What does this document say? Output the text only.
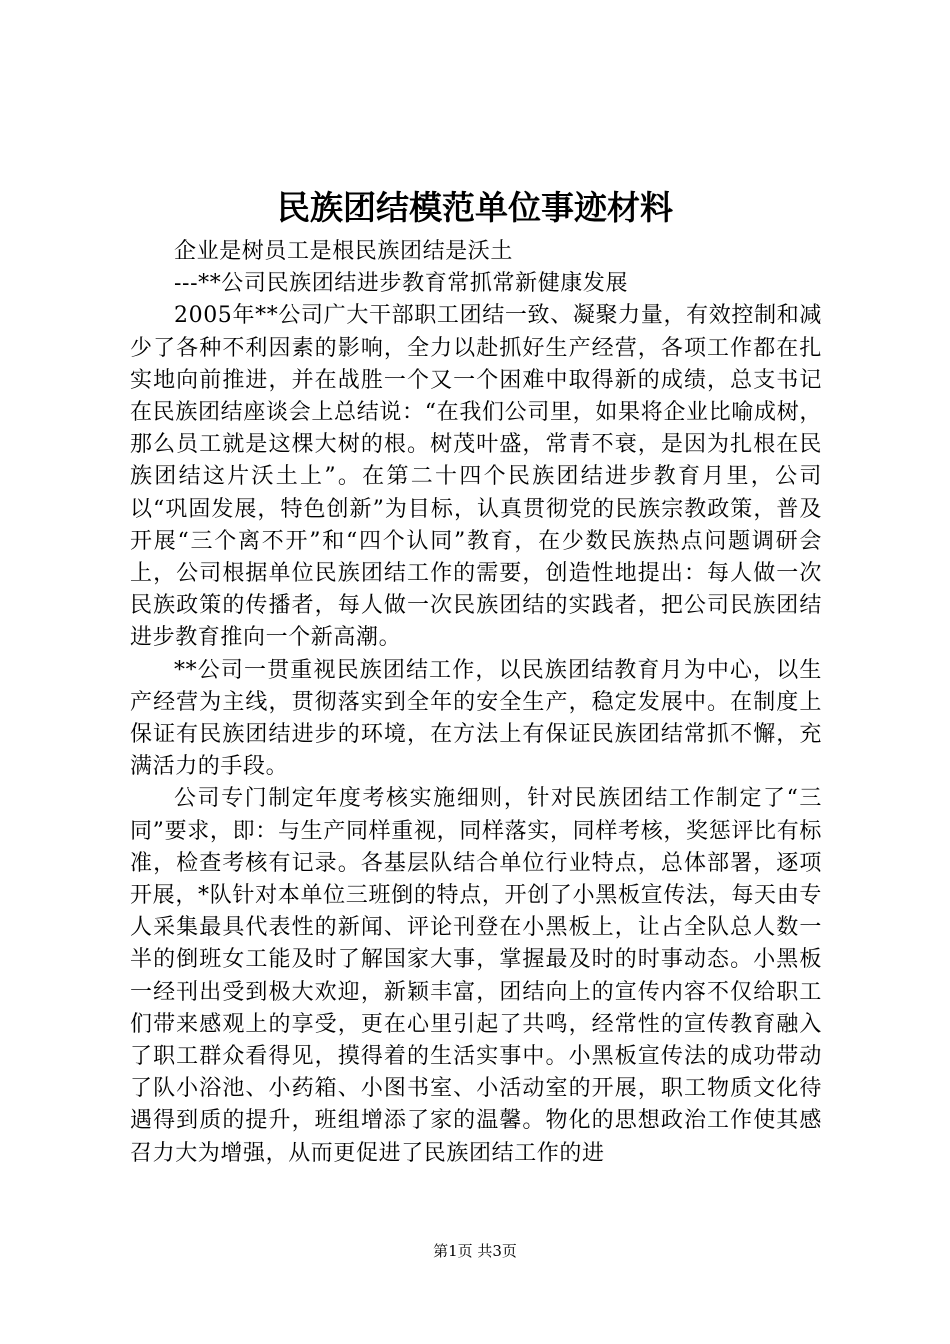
民族团结模范单位事迹材料

企业是树员工是根民族团结是沃土

---**公司民族团结进步教育常抓常新健康发展

2005年**公司广大干部职工团结一致、凝聚力量，有效控制和减少了各种不利因素的影响，全力以赴抓好生产经营，各项工作都在扎实地向前推进，并在战胜一个又一个困难中取得新的成绩，总支书记在民族团结座谈会上总结说：“在我们公司里，如果将企业比喻成树，那么员工就是这棵大树的根。树茂叶盛，常青不衰，是因为扎根在民族团结这片沃土上”。在第二十四个民族团结进步教育月里，公司以“巩固发展，特色创新”为目标，认真贯彻党的民族宗教政策，普及开展“三个离不开”和“四个认同”教育，在少数民族热点问题调研会上，公司根据单位民族团结工作的需要，创造性地提出：每人做一次民族政策的传播者，每人做一次民族团结的实践者，把公司民族团结进步教育推向一个新高潮。

**公司一贯重视民族团结工作，以民族团结教育月为中心，以生产经营为主线，贯彻落实到全年的安全生产，稳定发展中。在制度上保证有民族团结进步的环境，在方法上有保证民族团结常抓不懈，充满活力的手段。

公司专门制定年度考核实施细则，针对民族团结工作制定了“三同”要求，即：与生产同样重视，同样落实，同样考核，奖惩评比有标准，检查考核有记录。各基层队结合单位行业特点，总体部署，逐项开展，*队针对本单位三班倒的特点，开创了小黑板宣传法，每天由专人采集最具代表性的新闻、评论刊登在小黑板上，让占全队总人数一半的倒班女工能及时了解国家大事，掌握最及时的时事动态。小黑板一经刊出受到极大欢迎，新颖丰富，团结向上的宣传内容不仅给职工们带来感观上的享受，更在心里引起了共鸣，经常性的宣传教育融入了职工群众看得见，摸得着的生活实事中。小黑板宣传法的成功带动了队小浴池、小药箱、小图书室、小活动室的开展，职工物质文化待遇得到质的提升，班组增添了家的温馨。物化的思想政治工作使其感召力大为增强，从而更促进了民族团结工作的进

第1页 共3页
